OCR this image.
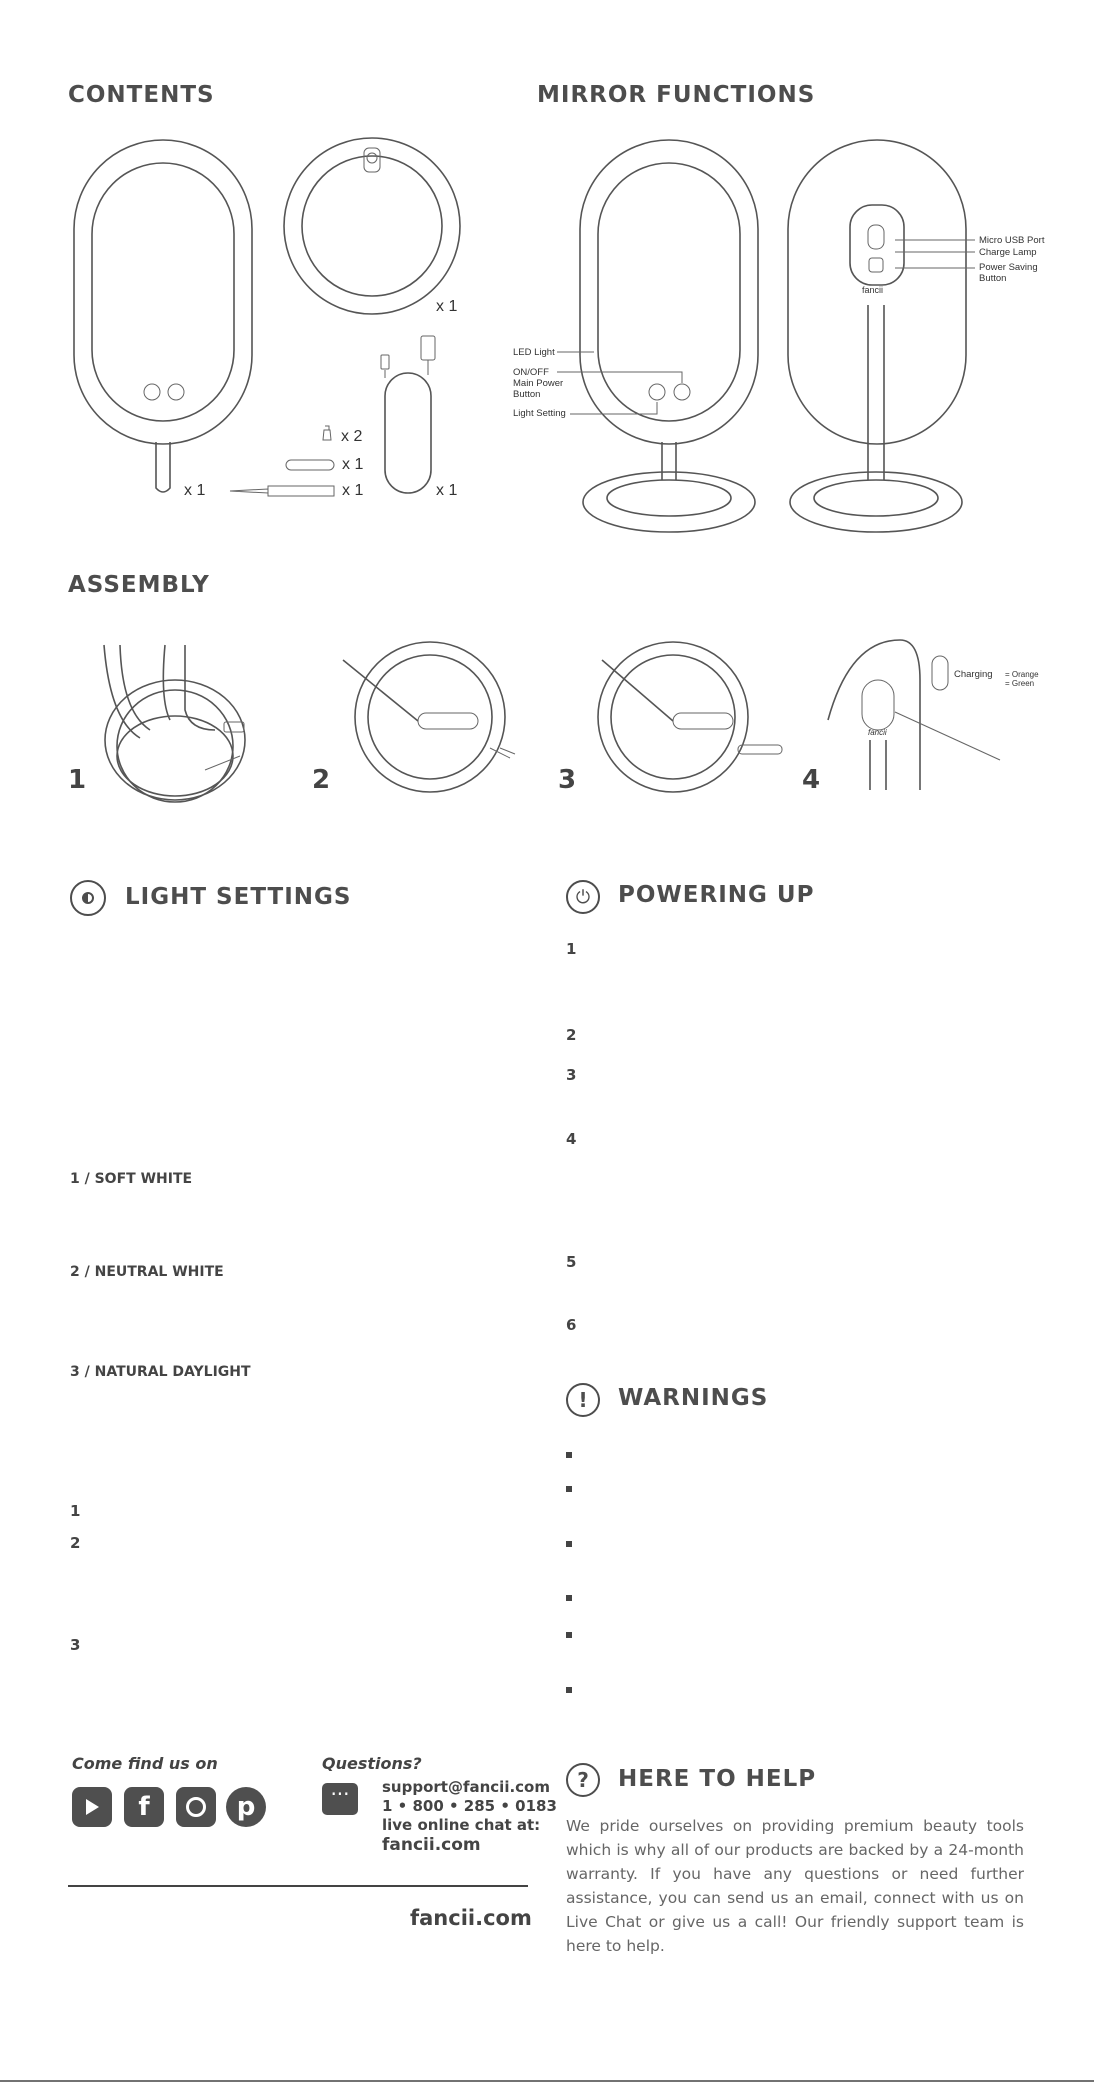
CONTENTS	MIRROR FUNCTIONS
ASSEMBLY
x 1
x 2
x 1
x 1	x 1
x 1
LED Light
ON/OFF
Main Power
Button
Light Setting
Micro USB Port
Charge Lamp
Power Saving
Button
fancii
1	2	3	4
Charging = Orange
= Green
fancii
LIGHT SETTINGS
1 / SOFT WHITE
2 / NEUTRAL WHITE
3 / NATURAL DAYLIGHT
1
2
3
⏻	POWERING UP
1
2
3
4
5
6
!	WARNINGS
Come find us on	Questions?
f	p	···	support@fancii.com
1 • 800 • 285 • 0183
live online chat at:
fancii.com
fancii.com
?	HERE TO HELP
We pride ourselves on providing premium beauty tools which is why all of our products are backed by a 24-month warranty. If you have any questions or need further assistance, you can send us an email, connect with us on Live Chat or give us a call! Our friendly support team is here to help.
